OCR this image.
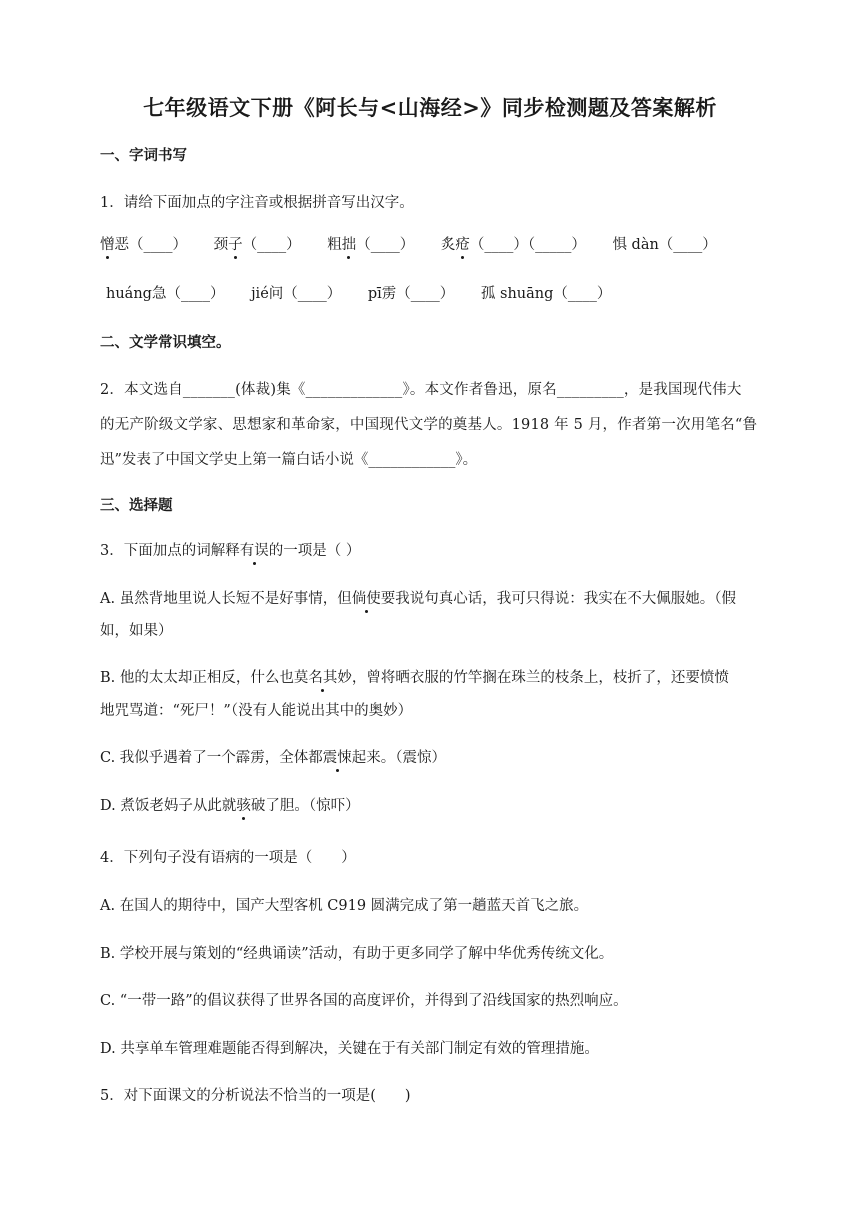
七年级语文下册《阿长与<山海经>》同步检测题及答案解析
一、字词书写
1．请给下面加点的字注音或根据拼音写出汉字。
憎恶（____） 颈子（____） 粗拙（____） 炙疮（____）（_____） 惧 dàn（____）
huáng急（____） jié问（____） pī雳（____） 孤 shuāng（____）
二、文学常识填空。
2．本文选自_______(体裁)集《_____________》。本文作者鲁迅，原名_________，是我国现代伟大
的无产阶级文学家、思想家和革命家，中国现代文学的奠基人。1918 年 5 月，作者第一次用笔名“鲁
迅”发表了中国文学史上第一篇白话小说《____________》。
三、选择题
3．下面加点的词解释有误的一项是（ ）
A. 虽然背地里说人长短不是好事情，但倘使要我说句真心话，我可只得说：我实在不大佩服她。（假
如，如果）
B. 他的太太却正相反，什么也莫名其妙，曾将晒衣服的竹竿搁在珠兰的枝条上，枝折了，还要愤愤
地咒骂道：“死尸！”（没有人能说出其中的奥妙）
C. 我似乎遇着了一个霹雳，全体都震悚起来。（震惊）
D. 煮饭老妈子从此就骇破了胆。（惊吓）
4．下列句子没有语病的一项是（　　）
A. 在国人的期待中，国产大型客机 C919 圆满完成了第一趟蓝天首飞之旅。
B. 学校开展与策划的“经典诵读”活动，有助于更多同学了解中华优秀传统文化。
C. “一带一路”的倡议获得了世界各国的高度评价，并得到了沿线国家的热烈响应。
D. 共享单车管理难题能否得到解决，关键在于有关部门制定有效的管理措施。
5．对下面课文的分析说法不恰当的一项是(　　)
